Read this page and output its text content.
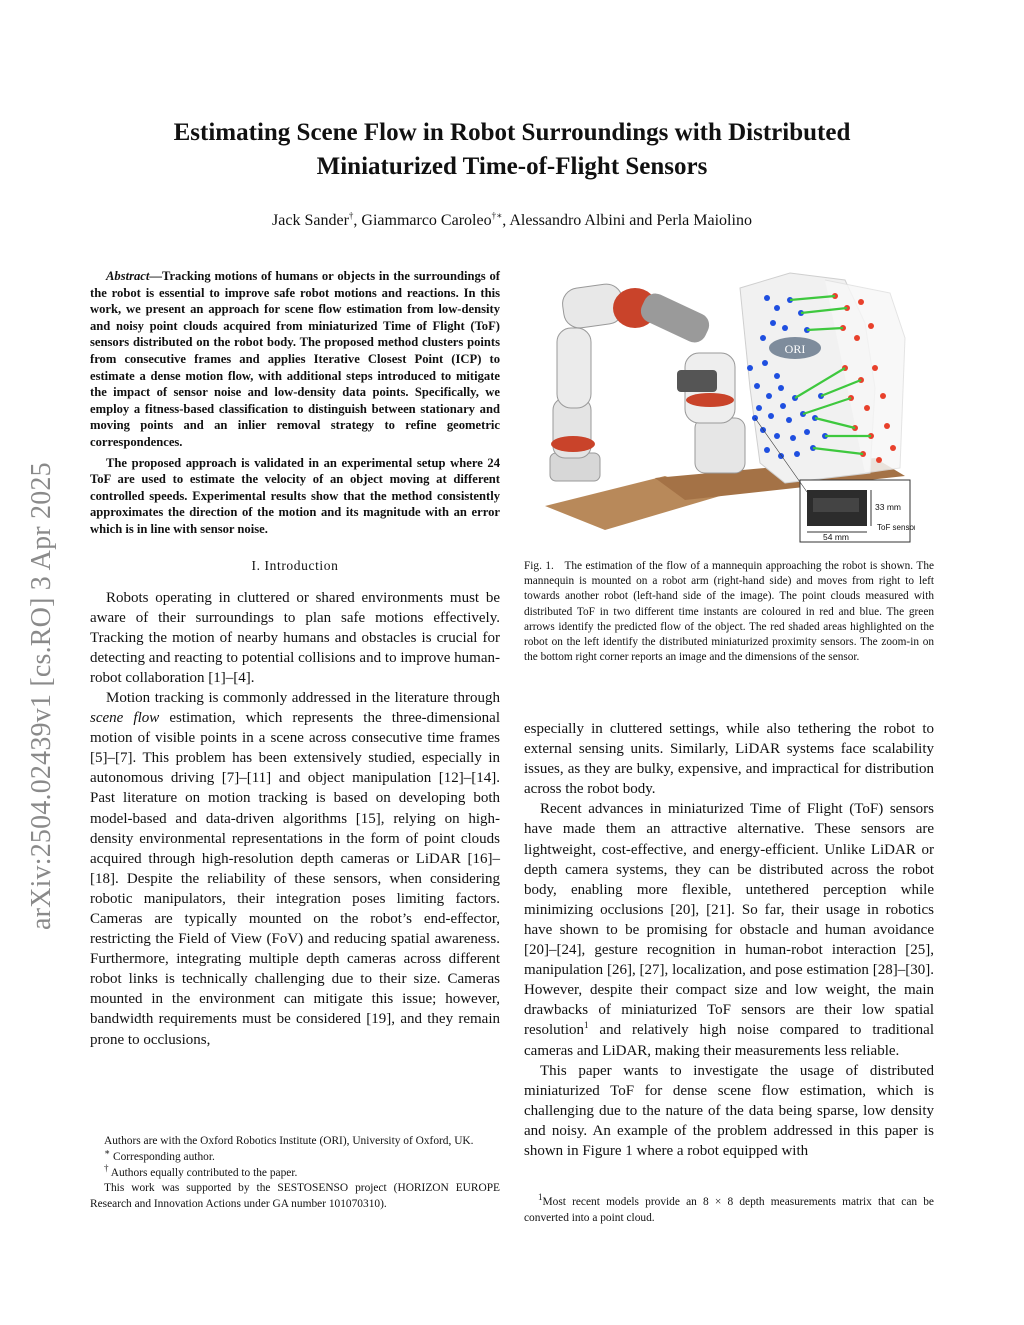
arXiv:2504.02439v1 [cs.RO] 3 Apr 2025
Estimating Scene Flow in Robot Surroundings with Distributed
Miniaturized Time-of-Flight Sensors
Jack Sander†, Giammarco Caroleo†∗, Alessandro Albini and Perla Maiolino

Abstract—Tracking motions of humans or objects in the surroundings of the robot is essential to improve safe robot motions and reactions. In this work, we present an approach for scene flow estimation from low-density and noisy point clouds acquired from miniaturized Time of Flight (ToF) sensors distributed on the robot body. The proposed method clusters points from consecutive frames and applies Iterative Closest Point (ICP) to estimate a dense motion flow, with additional steps introduced to mitigate the impact of sensor noise and low-density data points. Specifically, we employ a fitness-based classification to distinguish between stationary and moving points and an inlier removal strategy to refine geometric correspondences.

The proposed approach is validated in an experimental setup where 24 ToF are used to estimate the velocity of an object moving at different controlled speeds. Experimental results show that the method consistently approximates the direction of the motion and its magnitude with an error which is in line with sensor noise.

I. Introduction

Robots operating in cluttered or shared environments must be aware of their surroundings to plan safe motions effectively. Tracking the motion of nearby humans and obstacles is crucial for detecting and reacting to potential collisions and to improve human-robot collaboration [1]–[4].

Motion tracking is commonly addressed in the literature through scene flow estimation, which represents the three-dimensional motion of visible points in a scene across consecutive time frames [5]–[7]. This problem has been extensively studied, especially in autonomous driving [7]–[11] and object manipulation [12]–[14]. Past literature on motion tracking is based on developing both model-based and data-driven algorithms [15], relying on high-density environmental representations in the form of point clouds acquired through high-resolution depth cameras or LiDAR [16]–[18]. Despite the reliability of these sensors, when considering robotic manipulators, their integration poses limiting factors. Cameras are typically mounted on the robot’s end-effector, restricting the Field of View (FoV) and reducing spatial awareness. Furthermore, integrating multiple depth cameras across different robot links is technically challenging due to their size. Cameras mounted in the environment can mitigate this issue; however, bandwidth requirements must be considered [19], and they remain prone to occlusions,

Authors are with the Oxford Robotics Institute (ORI), University of Oxford, UK.

∗ Corresponding author.

† Authors equally contributed to the paper.

This work was supported by the SESTOSENSO project (HORIZON EUROPE Research and Innovation Actions under GA number 101070310).

ORI
33 mm
54 mm
ToF sensor

Fig. 1. The estimation of the flow of a mannequin approaching the robot is shown. The mannequin is mounted on a robot arm (right-hand side) and moves from right to left towards another robot (left-hand side of the image). The point clouds measured with distributed ToF in two different time instants are coloured in red and blue. The green arrows identify the predicted flow of the object. The red shaded areas highlighted on the robot on the left identify the distributed miniaturized proximity sensors. The zoom-in on the bottom right corner reports an image and the dimensions of the sensor.

especially in cluttered settings, while also tethering the robot to external sensing units. Similarly, LiDAR systems face scalability issues, as they are bulky, expensive, and impractical for distribution across the robot body.

Recent advances in miniaturized Time of Flight (ToF) sensors have made them an attractive alternative. These sensors are lightweight, cost-effective, and energy-efficient. Unlike LiDAR or depth camera systems, they can be distributed across the robot body, enabling more flexible, untethered perception while minimizing occlusions [20], [21]. So far, their usage in robotics have shown to be promising for obstacle and human avoidance [20]–[24], gesture recognition in human-robot interaction [25], manipulation [26], [27], localization, and pose estimation [28]–[30]. However, despite their compact size and low weight, the main drawbacks of miniaturized ToF sensors are their low spatial resolution$^1$ and relatively high noise compared to traditional cameras and LiDAR, making their measurements less reliable.

This paper wants to investigate the usage of distributed miniaturized ToF for dense scene flow estimation, which is challenging due to the nature of the data being sparse, low density and noisy. An example of the problem addressed in this paper is shown in Figure 1 where a robot equipped with

$^1$Most recent models provide an 8 × 8 depth measurements matrix that can be converted into a point cloud.
